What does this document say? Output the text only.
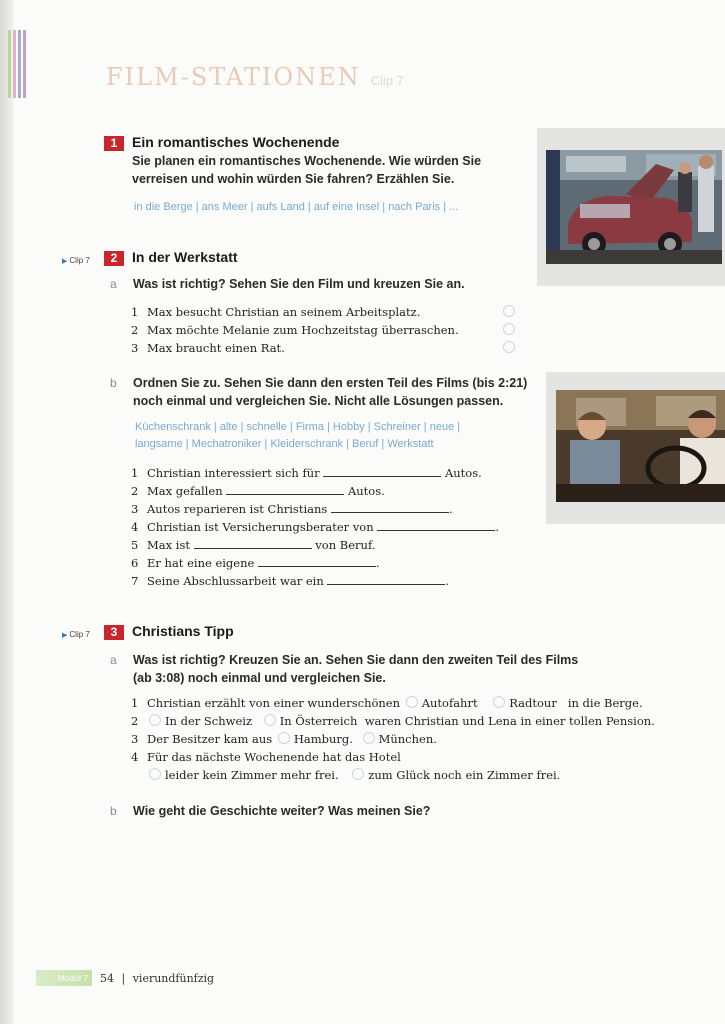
FILM-STATIONEN Clip 7
1	Ein romantisches Wochenende
Sie planen ein romantisches Wochenende. Wie würden Sie
verreisen und wohin würden Sie fahren? Erzählen Sie.
in die Berge | ans Meer | aufs Land | auf eine Insel | nach Paris | ...
▶ Clip 7	2	In der Werkstatt
a Was ist richtig? Sehen Sie den Film und kreuzen Sie an.
1 Max besucht Christian an seinem Arbeitsplatz.
2 Max möchte Melanie zum Hochzeitstag überraschen.
3 Max braucht einen Rat.
b Ordnen Sie zu. Sehen Sie dann den ersten Teil des Films (bis 2:21)
noch einmal und vergleichen Sie. Nicht alle Lösungen passen.
Küchenschrank | alte | schnelle | Firma | Hobby | Schreiner | neue |
langsame | Mechatroniker | Kleiderschrank | Beruf | Werkstatt
1 Christian interessiert sich für	Autos.
2 Max gefallen	Autos.
3 Autos reparieren ist Christians	.
4 Christian ist Versicherungsberater von	.
5 Max ist	von Beruf.
6 Er hat eine eigene	.
7 Seine Abschlussarbeit war ein	.
▶ Clip 7	3	Christians Tipp
a Was ist richtig? Kreuzen Sie an. Sehen Sie dann den zweiten Teil des Films
(ab 3:08) noch einmal und vergleichen Sie.
1 Christian erzählt von einer wunderschönen Autofahrt	Radtour in die Berge.
2 In der Schweiz In Österreich waren Christian und Lena in einer tollen Pension.
3 Der Besitzer kam aus Hamburg. München.
4 Für das nächste Wochenende hat das Hotel
leider kein Zimmer mehr frei.	zum Glück noch ein Zimmer frei.
b Wie geht die Geschichte weiter? Was meinen Sie?
Modul 7	54 | vierundfünfzig
